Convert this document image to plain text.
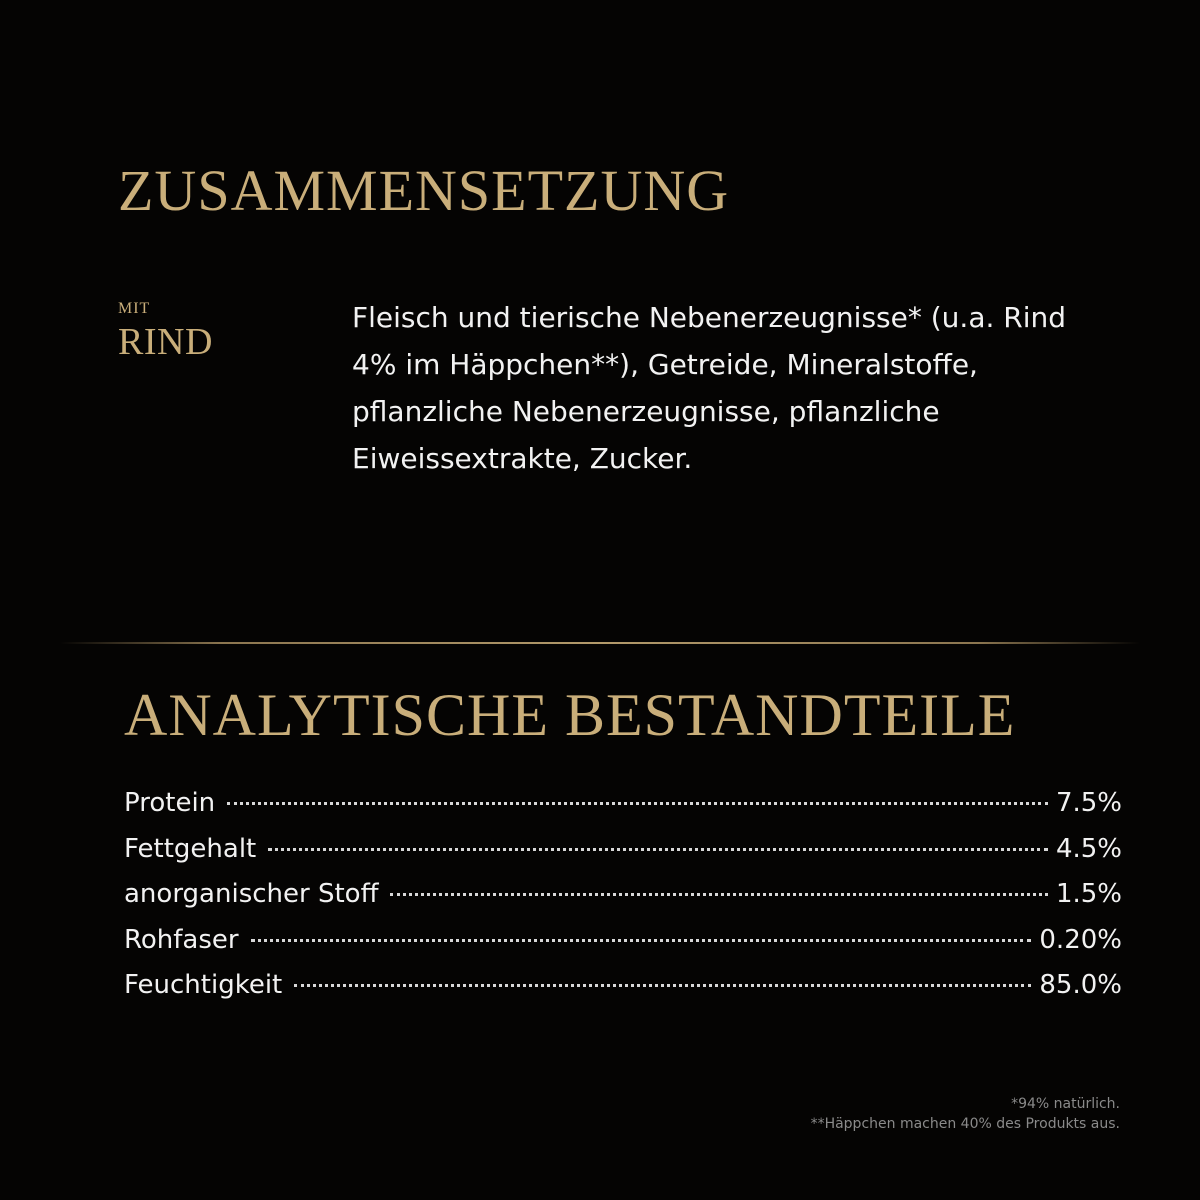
ZUSAMMENSETZUNG
MIT
RIND

Fleisch und tierische Nebenerzeugnisse* (u.a. Rind 4% im Häppchen**), Getreide, Mineralstoffe, pflanzliche Nebenerzeugnisse, pflanzliche Eiweissextrakte, Zucker.

ANALYTISCHE BESTANDTEILE
Protein	7.5%
Fettgehalt	4.5%
anorganischer Stoff	1.5%
Rohfaser	0.20%
Feuchtigkeit	85.0%
*94% natürlich.
**Häppchen machen 40% des Produkts aus.
